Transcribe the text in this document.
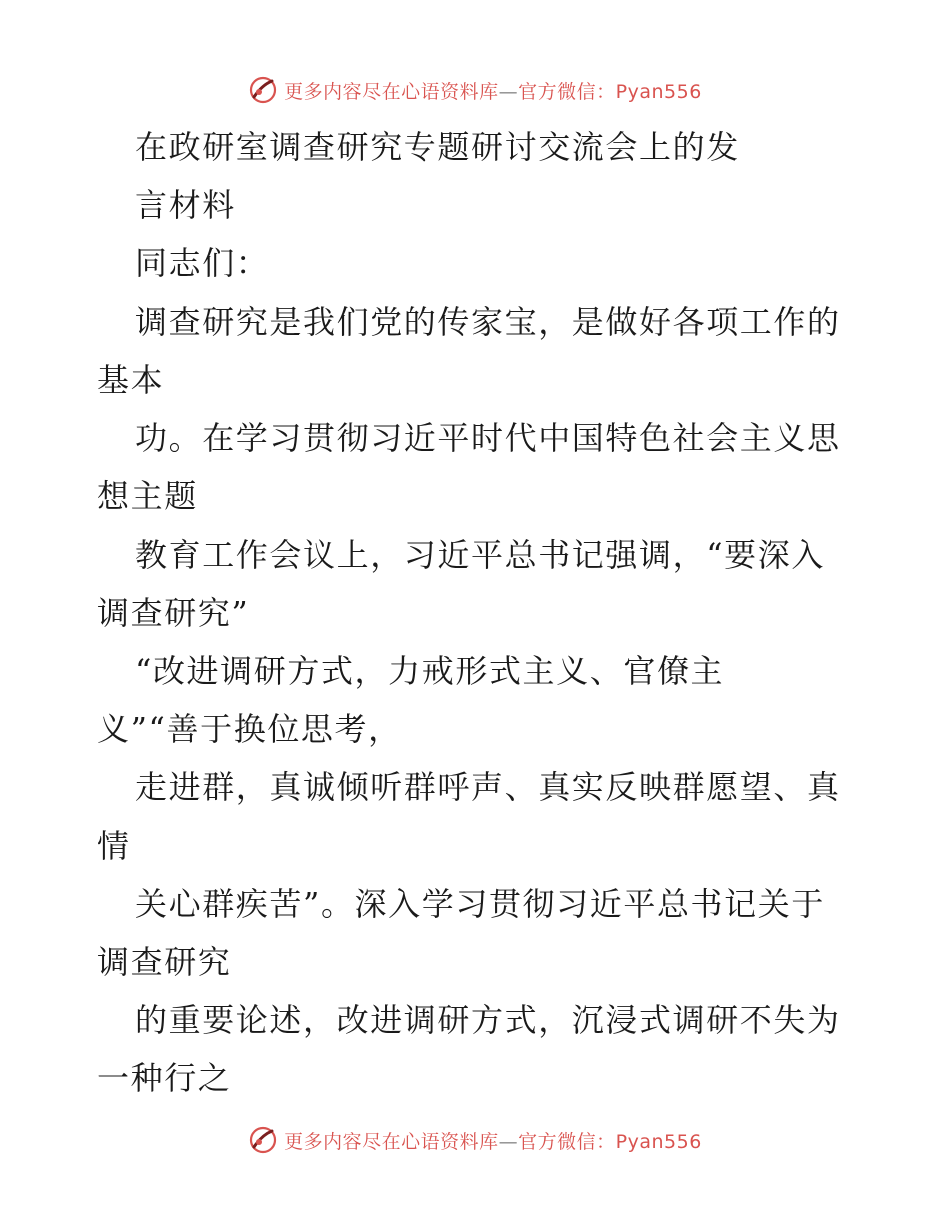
更多内容尽在心语资料库—官方微信：Pyan556
在政研室调查研究专题研讨交流会上的发
言材料
同志们：
调查研究是我们党的传家宝，是做好各项工作的
基本
功。在学习贯彻习近平时代中国特色社会主义思
想主题
教育工作会议上，习近平总书记强调，“要深入
调查研究”
“改进调研方式，力戒形式主义、官僚主
义”“善于换位思考，
走进群，真诚倾听群呼声、真实反映群愿望、真
情
关心群疾苦”。深入学习贯彻习近平总书记关于
调查研究
的重要论述，改进调研方式，沉浸式调研不失为
一种行之
更多内容尽在心语资料库—官方微信：Pyan556
